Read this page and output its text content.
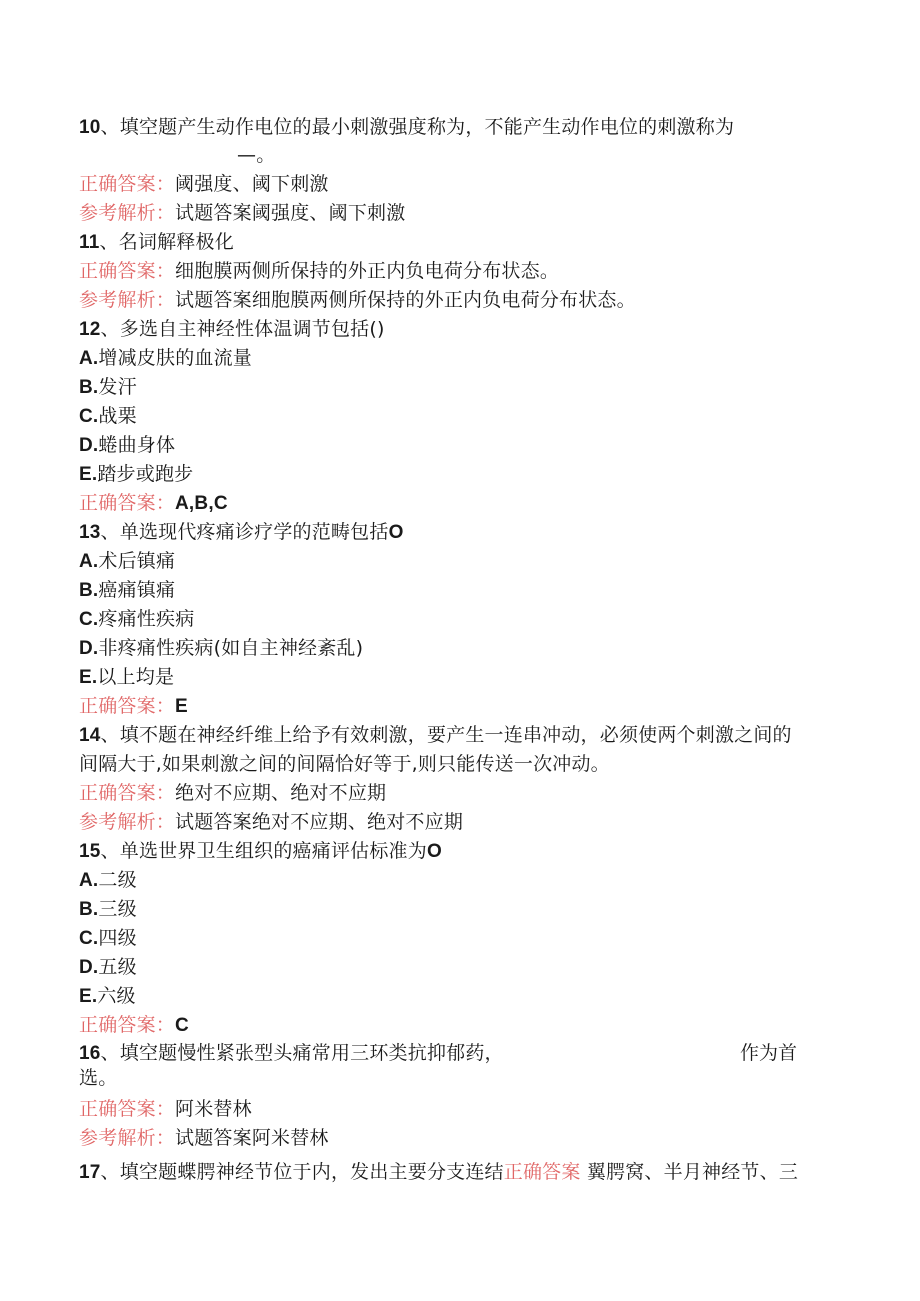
10、填空题产生动作电位的最小刺激强度称为，不能产生动作电位的刺激称为
—。
正确答案：阈强度、阈下刺激
参考解析：试题答案阈强度、阈下刺激
11、名词解释极化
正确答案：细胞膜两侧所保持的外正内负电荷分布状态。
参考解析：试题答案细胞膜两侧所保持的外正内负电荷分布状态。
12、多选自主神经性体温调节包括()
A.增减皮肤的血流量
B.发汗
C.战栗
D.蜷曲身体
E.踏步或跑步
正确答案：A,B,C
13、单选现代疼痛诊疗学的范畴包括O
A.术后镇痛
B.癌痛镇痛
C.疼痛性疾病
D.非疼痛性疾病(如自主神经紊乱)
E.以上均是
正确答案：E
14、填不题在神经纤维上给予有效刺激，要产生一连串冲动，必须使两个刺激之间的
间隔大于,如果刺激之间的间隔恰好等于,则只能传送一次冲动。
正确答案：绝对不应期、绝对不应期
参考解析：试题答案绝对不应期、绝对不应期
15、单选世界卫生组织的癌痛评估标准为O
A.二级
B.三级
C.四级
D.五级
E.六级
正确答案：C
16、填空题慢性紧张型头痛常用三环类抗抑郁药，	作为首
选。
正确答案：阿米替林
参考解析：试题答案阿米替林
17、填空题蝶腭神经节位于内，发出主要分支连结正确答案 翼腭窝、半月神经节、三
